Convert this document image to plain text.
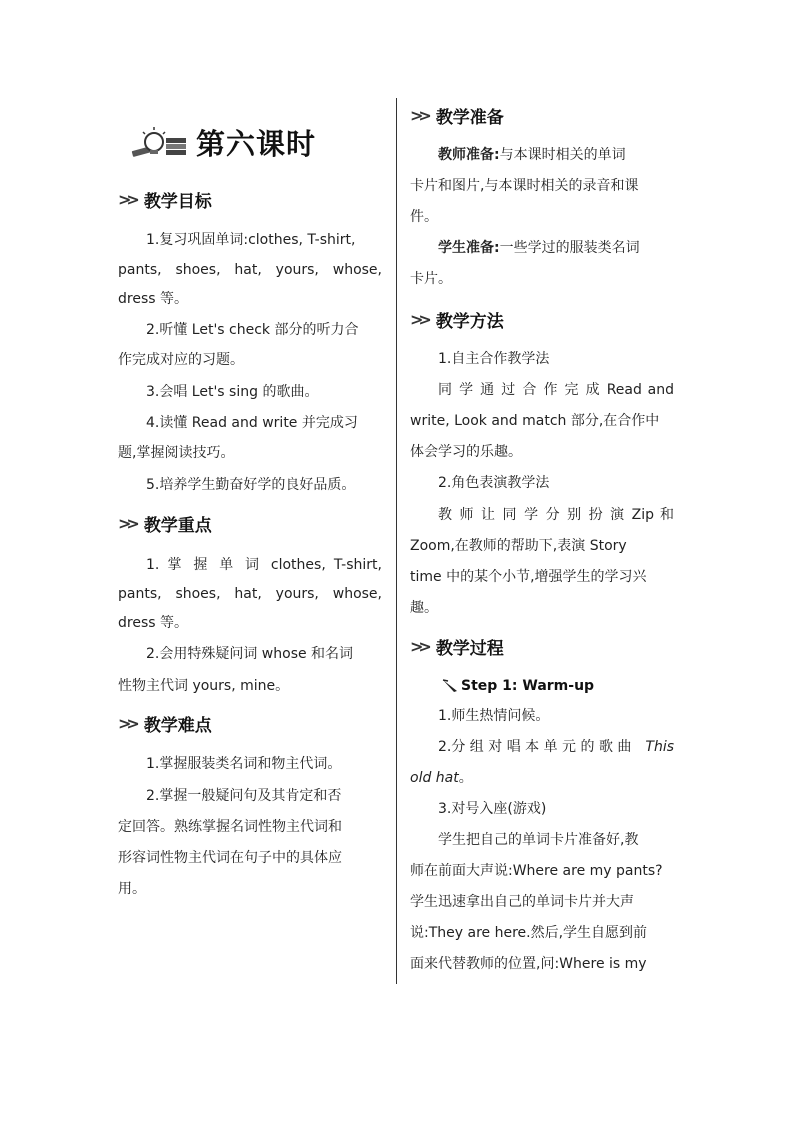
第六课时
>> 教学目标
1.复习巩固单词:clothes, T-shirt,
pants, shoes, hat, yours, whose,
dress 等。
2.听懂 Let's check 部分的听力合
作完成对应的习题。
3.会唱 Let's sing 的歌曲。
4.读懂 Read and write 并完成习
题,掌握阅读技巧。
5.培养学生勤奋好学的良好品质。
>> 教学重点
1. 掌 握 单 词 clothes, T-shirt,
pants, shoes, hat, yours, whose,
dress 等。
2.会用特殊疑问词 whose 和名词
性物主代词 yours, mine。
>> 教学难点
1.掌握服装类名词和物主代词。
2.掌握一般疑问句及其肯定和否
定回答。熟练掌握名词性物主代词和
形容词性物主代词在句子中的具体应
用。
>> 教学准备
教师准备:与本课时相关的单词
卡片和图片,与本课时相关的录音和课
件。
学生准备:一些学过的服装类名词
卡片。
>> 教学方法
1.自主合作教学法
同 学 通 过 合 作 完 成 Read and
write, Look and match 部分,在合作中
体会学习的乐趣。
2.角色表演教学法
教 师 让 同 学 分 别 扮 演 Zip 和
Zoom,在教师的帮助下,表演 Story
time 中的某个小节,增强学生的学习兴
趣。
>> 教学过程
Step 1: Warm-up
1.师生热情问候。
2.分 组 对 唱 本 单 元 的 歌 曲 This
old hat。
3.对号入座(游戏)
学生把自己的单词卡片准备好,教
师在前面大声说:Where are my pants?
学生迅速拿出自己的单词卡片并大声
说:They are here.然后,学生自愿到前
面来代替教师的位置,问:Where is my
